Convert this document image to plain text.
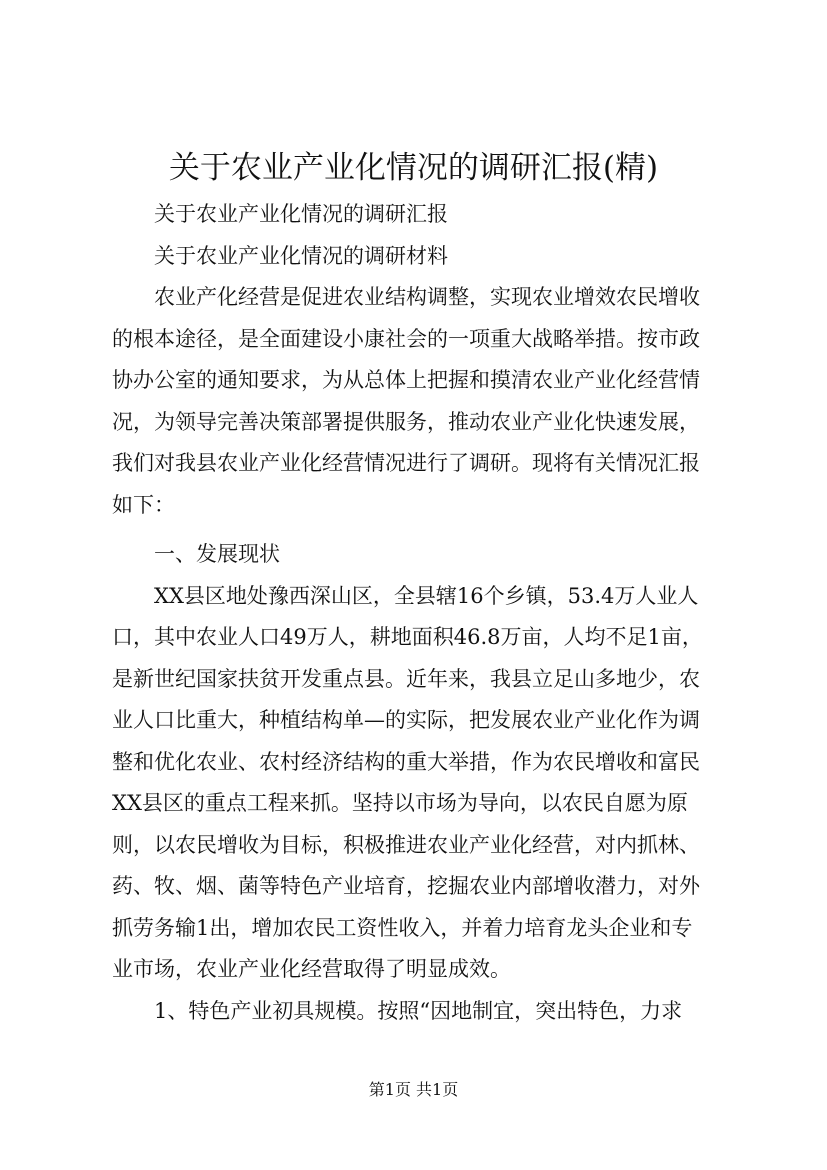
关于农业产业化情况的调研汇报(精)
关于农业产业化情况的调研汇报
关于农业产业化情况的调研材料
农业产化经营是促进农业结构调整，实现农业增效农民增收
的根本途径，是全面建设小康社会的一项重大战略举措。按市政
协办公室的通知要求，为从总体上把握和摸清农业产业化经营情
况，为领导完善决策部署提供服务，推动农业产业化快速发展，
我们对我县农业产业化经营情况进行了调研。现将有关情况汇报
如下：
一、发展现状
XX县区地处豫西深山区，全县辖16个乡镇，53.4万人业人
口，其中农业人口49万人，耕地面积46.8万亩，人均不足1亩，
是新世纪国家扶贫开发重点县。近年来，我县立足山多地少，农
业人口比重大，种植结构单—的实际，把发展农业产业化作为调
整和优化农业、农村经济结构的重大举措，作为农民增收和富民
XX县区的重点工程来抓。坚持以市场为导向，以农民自愿为原
则，以农民增收为目标，积极推进农业产业化经营，对内抓林、
药、牧、烟、菌等特色产业培育，挖掘农业内部增收潜力，对外
抓劳务输1出，增加农民工资性收入，并着力培育龙头企业和专
业市场，农业产业化经营取得了明显成效。
1、特色产业初具规模。按照“因地制宜，突出特色，力求
第1页 共1页
